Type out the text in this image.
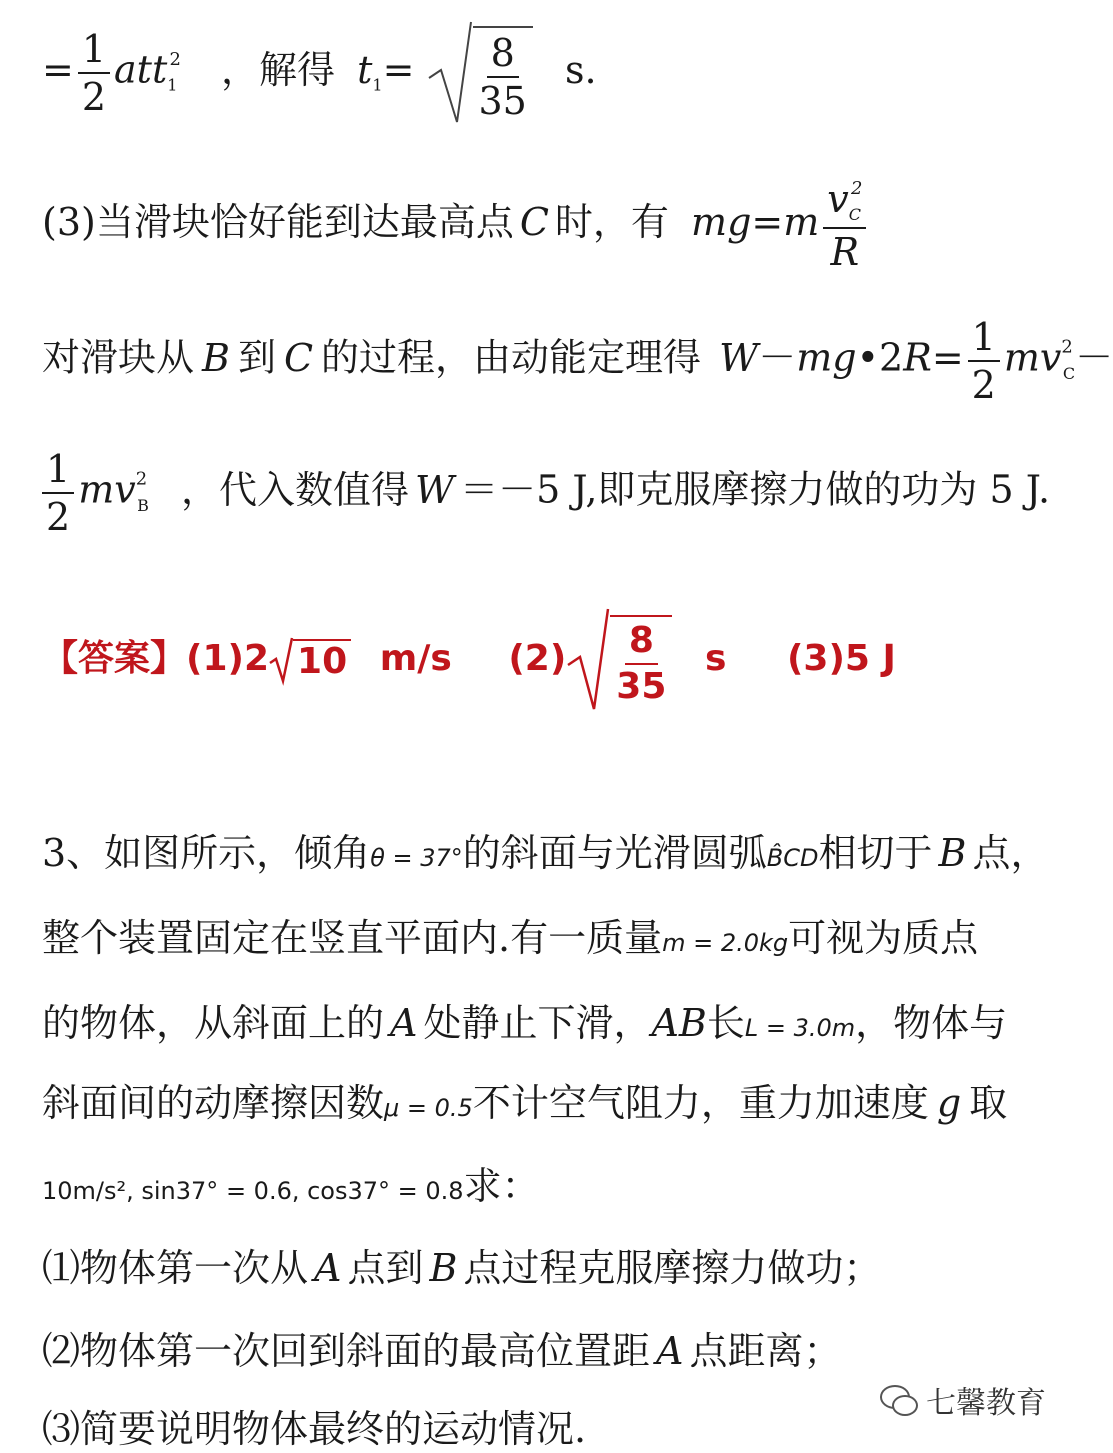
= $\frac{1}{2} att_1^2$ ，解得 $t_1= \frac{8}{35} s$.
(3)当滑块恰好能到达最高点 C 时，有 $mg=m \frac{v_C^2}{R}$
对滑块从 B 到 C 的过程，由动能定理得 W－mg•2R= $\frac{1}{2} mv^2_C-$
$\frac{1}{2} mv^2_B$ ，代入数值得 W ＝－5 J,即克服摩擦力做的功为 5 J.
【答案】(1)2 10 m/s $(2) \frac{8}{35}$ s (3)5 J
3、如图所示，倾角θ = 37°的斜面与光滑圆弧B̂CD相切于 B 点，
整个装置固定在竖直平面内.有一质量m = 2.0kg可视为质点
的物体，从斜面上的 A 处静止下滑，AB长L = 3.0m，物体与
斜面间的动摩擦因数μ = 0.5不计空气阻力，重力加速度 g 取
10m/s², sin37° = 0.6, cos37° = 0.8求：
⑴物体第一次从 A 点到 B 点过程克服摩擦力做功；
⑵物体第一次回到斜面的最高位置距 A 点距离；
⑶简要说明物体最终的运动情况.
七馨教育
